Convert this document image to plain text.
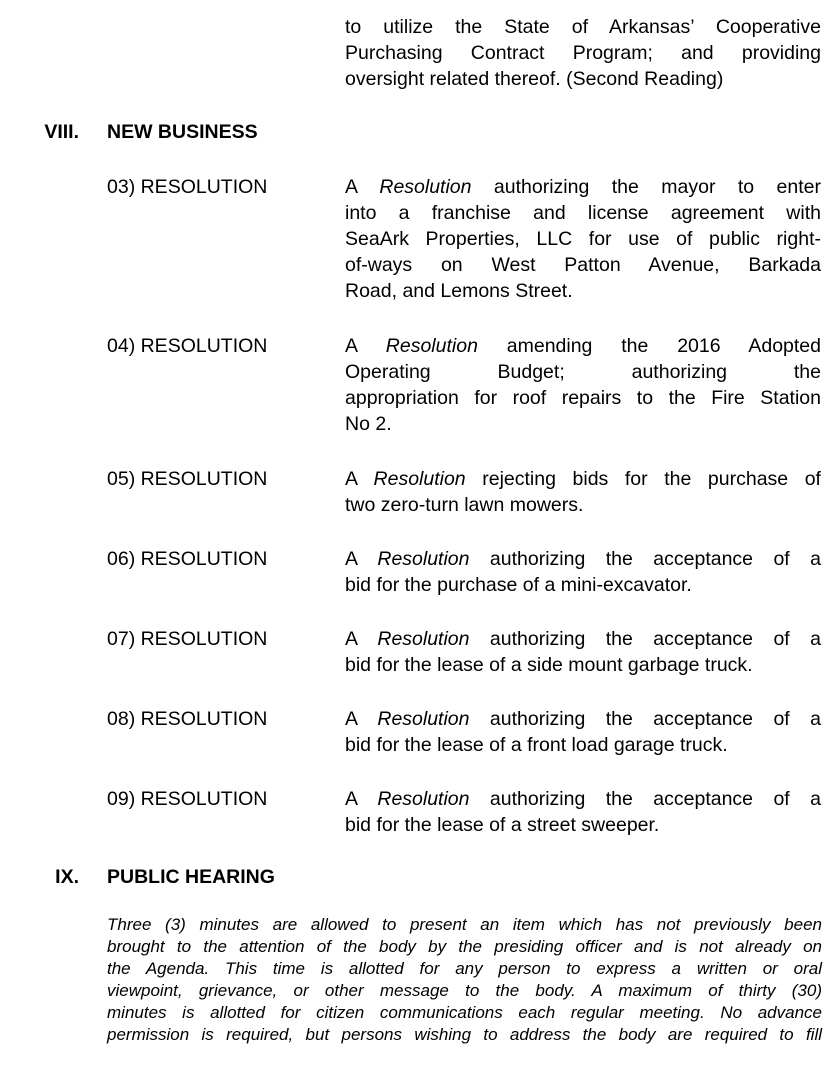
to utilize the State of Arkansas’ Cooperative
Purchasing Contract Program; and providing
oversight related thereof. (Second Reading)
VIII. NEW BUSINESS
03) RESOLUTION	A Resolution authorizing the mayor to enter
into a franchise and license agreement with
SeaArk Properties, LLC for use of public right-
of-ways on West Patton Avenue, Barkada
Road, and Lemons Street.
04) RESOLUTION	A Resolution amending the 2016 Adopted
Operating Budget; authorizing the
appropriation for roof repairs to the Fire Station
No 2.
05) RESOLUTION	A Resolution rejecting bids for the purchase of
two zero-turn lawn mowers.
06) RESOLUTION	A Resolution authorizing the acceptance of a
bid for the purchase of a mini-excavator.
07) RESOLUTION	A Resolution authorizing the acceptance of a
bid for the lease of a side mount garbage truck.
08) RESOLUTION	A Resolution authorizing the acceptance of a
bid for the lease of a front load garage truck.
09) RESOLUTION	A Resolution authorizing the acceptance of a
bid for the lease of a street sweeper.
IX. PUBLIC HEARING
Three (3) minutes are allowed to present an item which has not previously been
brought to the attention of the body by the presiding officer and is not already on
the Agenda. This time is allotted for any person to express a written or oral
viewpoint, grievance, or other message to the body. A maximum of thirty (30)
minutes is allotted for citizen communications each regular meeting. No advance
permission is required, but persons wishing to address the body are required to fill
